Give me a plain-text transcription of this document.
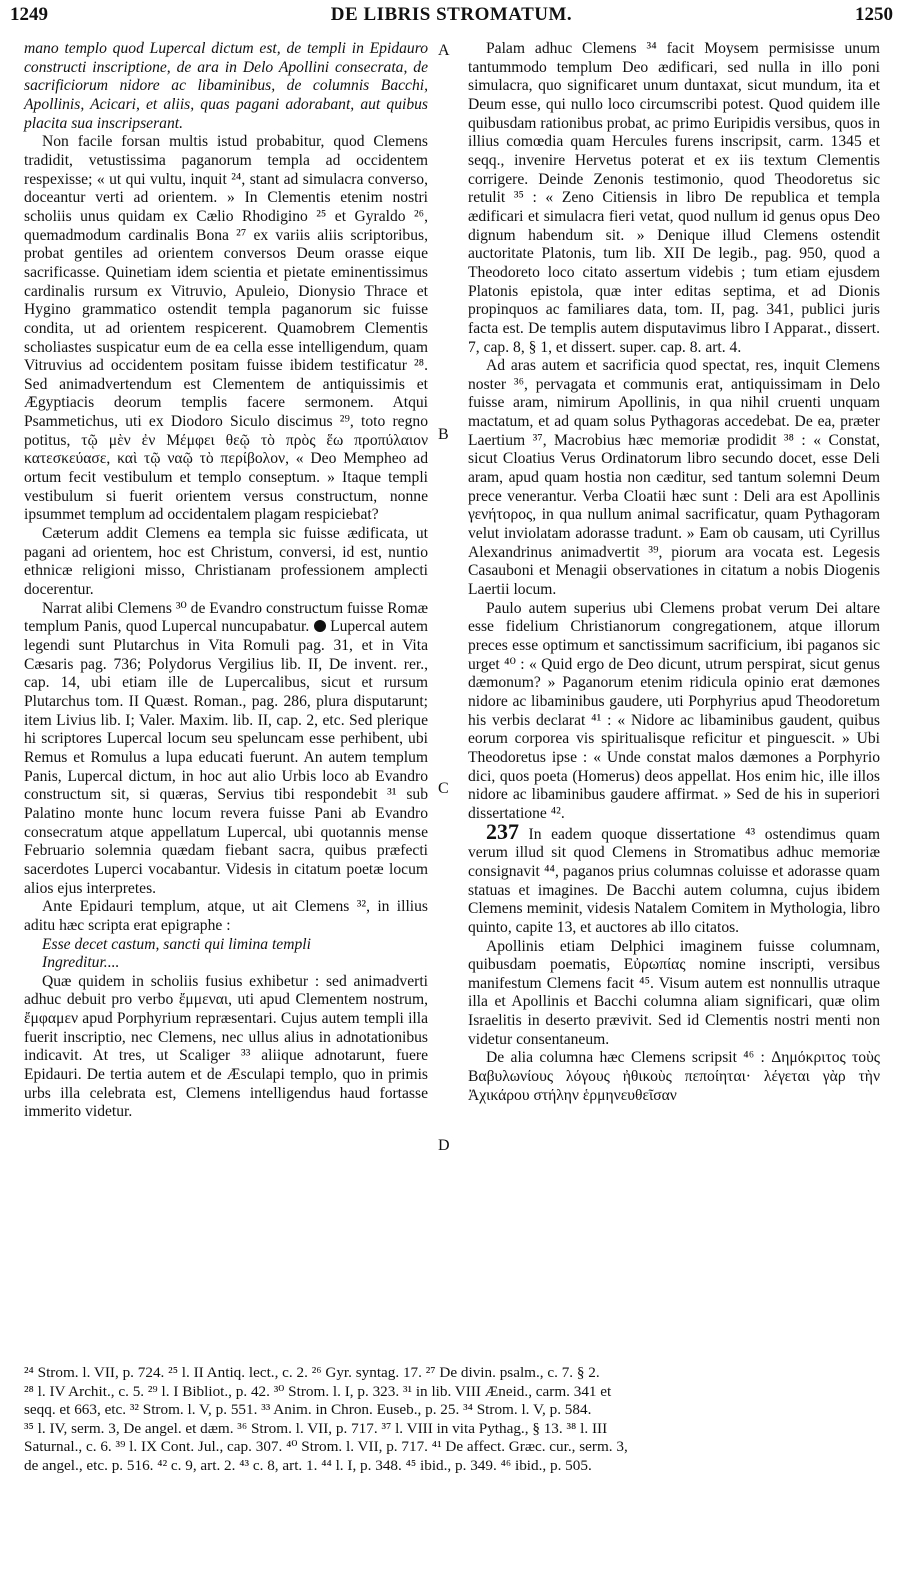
1249	DE LIBRIS STROMATUM.	1250
A
B
C
D

mano templo quod Lupercal dictum est, de templi in Epidauro constructi inscriptione, de ara in Delo Apollini consecrata, de sacrificiorum nidore ac libaminibus, de columnis Bacchi, Apollinis, Acicari, et aliis, quas pagani adorabant, aut quibus placita sua inscripserant.

Non facile forsan multis istud probabitur, quod Clemens tradidit, vetustissima paganorum templa ad occidentem respexisse; « ut qui vultu, inquit ²⁴, stant ad simulacra converso, doceantur verti ad orientem. » In Clementis etenim nostri scholiis unus quidam ex Cælio Rhodigino ²⁵ et Gyraldo ²⁶, quemadmodum cardinalis Bona ²⁷ ex variis aliis scriptoribus, probat gentiles ad orientem conversos Deum orasse eique sacrificasse. Quinetiam idem scientia et pietate eminentissimus cardinalis rursum ex Vitruvio, Apuleio, Dionysio Thrace et Hygino grammatico ostendit templa paganorum sic fuisse condita, ut ad orientem respicerent. Quamobrem Clementis scholiastes suspicatur eum de ea cella esse intelligendum, quam Vitruvius ad occidentem positam fuisse ibidem testificatur ²⁸. Sed animadvertendum est Clementem de antiquissimis et Ægyptiacis deorum templis facere sermonem. Atqui Psammetichus, uti ex Diodoro Siculo discimus ²⁹, toto regno potitus, τῷ μὲν ἐν Μέμφει θεῷ τὸ πρὸς ἕω προπύλαιον κατεσκεύασε, καὶ τῷ ναῷ τὸ περίβολον, « Deo Mempheo ad ortum fecit vestibulum et templo conseptum. » Itaque templi vestibulum si fuerit orientem versus constructum, nonne ipsummet templum ad occidentalem plagam respiciebat?

Cæterum addit Clemens ea templa sic fuisse ædificata, ut pagani ad orientem, hoc est Christum, conversi, id est, nuntio ethnicæ religioni misso, Christianam professionem amplecti docerentur.

Narrat alibi Clemens ³⁰ de Evandro constructum fuisse Romæ templum Panis, quod Lupercal nuncupabatur. Lupercal autem legendi sunt Plutarchus in Vita Romuli pag. 31, et in Vita Cæsaris pag. 736; Polydorus Vergilius lib. II, De invent. rer., cap. 14, ubi etiam ille de Lupercalibus, sicut et rursum Plutarchus tom. II Quæst. Roman., pag. 286, plura disputarunt; item Livius lib. I; Valer. Maxim. lib. II, cap. 2, etc. Sed plerique hi scriptores Lupercal locum seu speluncam esse perhibent, ubi Remus et Romulus a lupa educati fuerunt. An autem templum Panis, Lupercal dictum, in hoc aut alio Urbis loco ab Evandro constructum sit, si quæras, Servius tibi respondebit ³¹ sub Palatino monte hunc locum revera fuisse Pani ab Evandro consecratum atque appellatum Lupercal, ubi quotannis mense Februario solemnia quædam fiebant sacra, quibus præfecti sacerdotes Luperci vocabantur. Videsis in citatum poetæ locum alios ejus interpretes.

Ante Epidauri templum, atque, ut ait Clemens ³², in illius aditu hæc scripta erat epigraphe :

Esse decet castum, sancti qui limina templi

Ingreditur....

Quæ quidem in scholiis fusius exhibetur : sed animadverti adhuc debuit pro verbo ἔμμεναι, uti apud Clementem nostrum, ἔμφαμεν apud Porphyrium repræsentari. Cujus autem templi illa fuerit inscriptio, nec Clemens, nec ullus alius in adnotationibus indicavit. At tres, ut Scaliger ³³ aliique adnotarunt, fuere Epidauri. De tertia autem et de Æsculapi templo, quo in primis urbs illa celebrata est, Clemens intelligendus haud fortasse immerito videtur.

Palam adhuc Clemens ³⁴ facit Moysem permisisse unum tantummodo templum Deo ædificari, sed nulla in illo poni simulacra, quo significaret unum duntaxat, sicut mundum, ita et Deum esse, qui nullo loco circumscribi potest. Quod quidem ille quibusdam rationibus probat, ac primo Euripidis versibus, quos in illius comœdia quam Hercules furens inscripsit, carm. 1345 et seqq., invenire Hervetus poterat et ex iis textum Clementis corrigere. Deinde Zenonis testimonio, quod Theodoretus sic retulit ³⁵ : « Zeno Citiensis in libro De republica et templa ædificari et simulacra fieri vetat, quod nullum id genus opus Deo dignum habendum sit. » Denique illud Clemens ostendit auctoritate Platonis, tum lib. XII De legib., pag. 950, quod a Theodoreto loco citato assertum videbis ; tum etiam ejusdem Platonis epistola, quæ inter editas septima, et ad Dionis propinquos ac familiares data, tom. II, pag. 341, publici juris facta est. De templis autem disputavimus libro I Apparat., dissert. 7, cap. 8, § 1, et dissert. super. cap. 8. art. 4.

Ad aras autem et sacrificia quod spectat, res, inquit Clemens noster ³⁶, pervagata et communis erat, antiquissimam in Delo fuisse aram, nimirum Apollinis, in qua nihil cruenti unquam mactatum, et ad quam solus Pythagoras accedebat. De ea, præter Laertium ³⁷, Macrobius hæc memoriæ prodidit ³⁸ : « Constat, sicut Cloatius Verus Ordinatorum libro secundo docet, esse Deli aram, apud quam hostia non cæditur, sed tantum solemni Deum prece venerantur. Verba Cloatii hæc sunt : Deli ara est Apollinis γενήτορος, in qua nullum animal sacrificatur, quam Pythagoram velut inviolatam adorasse tradunt. » Eam ob causam, uti Cyrillus Alexandrinus animadvertit ³⁹, piorum ara vocata est. Legesis Casauboni et Menagii observationes in citatum a nobis Diogenis Laertii locum.

Paulo autem superius ubi Clemens probat verum Dei altare esse fidelium Christianorum congregationem, atque illorum preces esse optimum et sanctissimum sacrificium, ibi paganos sic urget ⁴⁰ : « Quid ergo de Deo dicunt, utrum perspirat, sicut genus dæmonum? » Paganorum etenim ridicula opinio erat dæmones nidore ac libaminibus gaudere, uti Porphyrius apud Theodoretum his verbis declarat ⁴¹ : « Nidore ac libaminibus gaudent, quibus eorum corporea vis spiritualisque reficitur et pinguescit. » Ubi Theodoretus ipse : « Unde constat malos dæmones a Porphyrio dici, quos poeta (Homerus) deos appellat. Hos enim hic, ille illos nidore ac libaminibus gaudere affirmat. » Sed de his in superiori dissertatione ⁴².

237 In eadem quoque dissertatione ⁴³ ostendimus quam verum illud sit quod Clemens in Stromatibus adhuc memoriæ consignavit ⁴⁴, paganos prius columnas coluisse et adorasse quam statuas et imagines. De Bacchi autem columna, cujus ibidem Clemens meminit, videsis Natalem Comitem in Mythologia, libro quinto, capite 13, et auctores ab illo citatos.

Apollinis etiam Delphici imaginem fuisse columnam, quibusdam poematis, Εὐρωπίας nomine inscripti, versibus manifestum Clemens facit ⁴⁵. Visum autem est nonnullis utraque illa et Apollinis et Bacchi columna aliam significari, quæ olim Israelitis in deserto prævivit. Sed id Clementis nostri menti non videtur consentaneum.

De alia columna hæc Clemens scripsit ⁴⁶ : Δημόκριτος τοὺς Βαβυλωνίους λόγους ἠθικοὺς πεποίηται· λέγεται γὰρ τὴν Ἀχικάρου στήλην ἑρμηνευθεῖσαν

²⁴ Strom. l. VII, p. 724. ²⁵ l. II Antiq. lect., c. 2. ²⁶ Gyr. syntag. 17. ²⁷ De divin. psalm., c. 7. § 2.
²⁸ l. IV Archit., c. 5. ²⁹ l. I Bibliot., p. 42. ³⁰ Strom. l. I, p. 323. ³¹ in lib. VIII Æneid., carm. 341 et
seqq. et 663, etc. ³² Strom. l. V, p. 551. ³³ Anim. in Chron. Euseb., p. 25. ³⁴ Strom. l. V, p. 584.
³⁵ l. IV, serm. 3, De angel. et dæm. ³⁶ Strom. l. VII, p. 717. ³⁷ l. VIII in vita Pythag., § 13. ³⁸ l. III
Saturnal., c. 6. ³⁹ l. IX Cont. Jul., cap. 307. ⁴⁰ Strom. l. VII, p. 717. ⁴¹ De affect. Græc. cur., serm. 3,
de angel., etc. p. 516. ⁴² c. 9, art. 2. ⁴³ c. 8, art. 1. ⁴⁴ l. I, p. 348. ⁴⁵ ibid., p. 349. ⁴⁶ ibid., p. 505.
